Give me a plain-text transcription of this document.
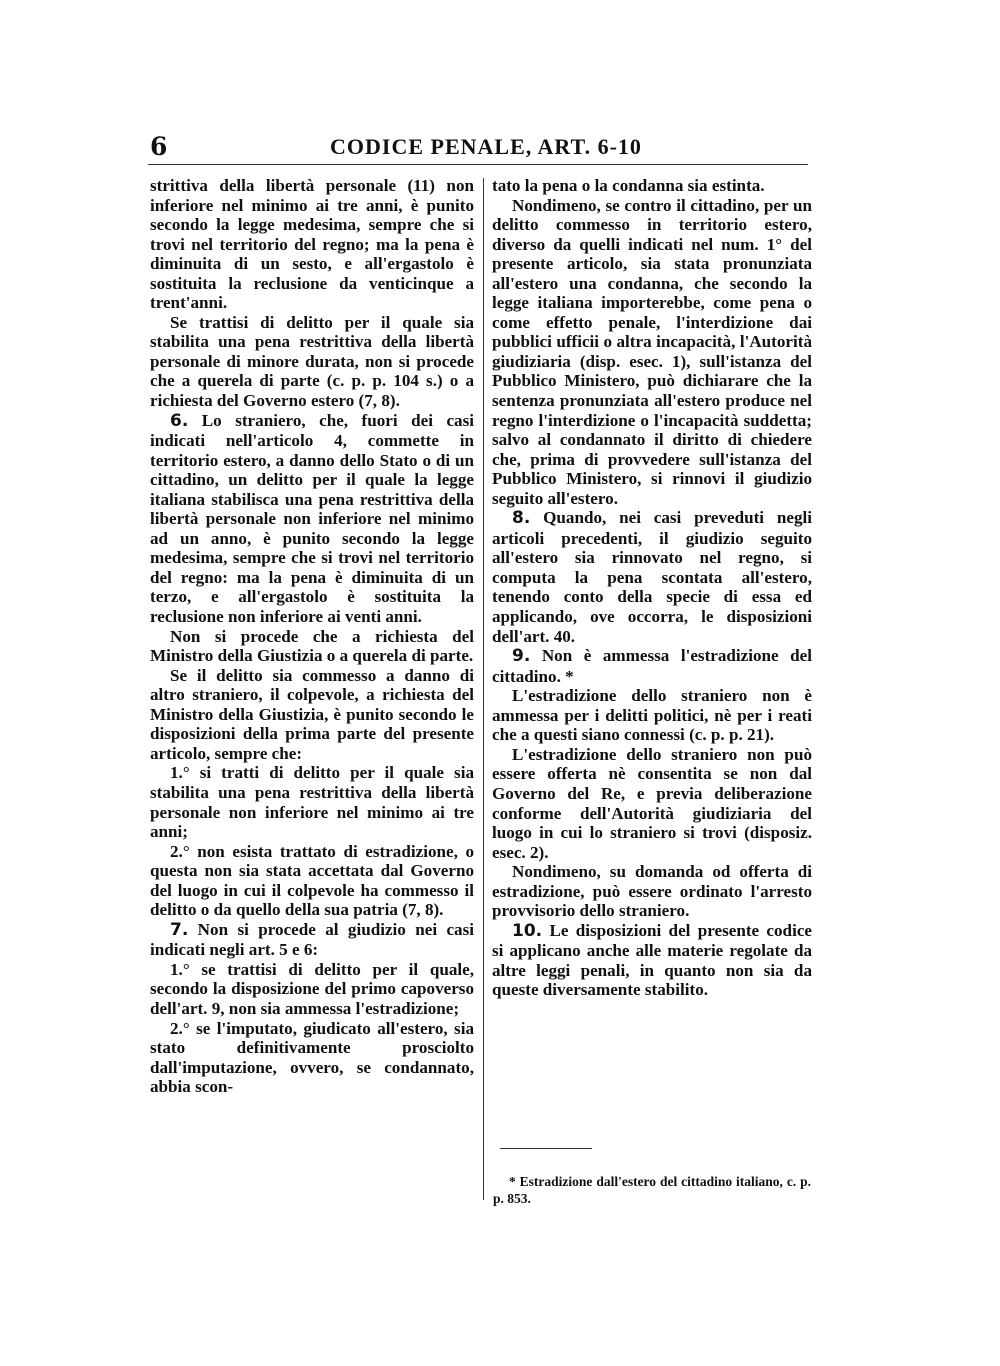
6	CODICE PENALE, ART. 6-10

strittiva della libertà personale (11) non inferiore nel minimo ai tre anni, è punito secondo la legge medesima, sempre che si trovi nel territorio del regno; ma la pena è diminuita di un sesto, e all'ergastolo è sostituita la reclusione da venticinque a trent'anni.

Se trattisi di delitto per il quale sia stabilita una pena restrittiva della libertà personale di minore durata, non si procede che a querela di parte (c. p. p. 104 s.) o a richiesta del Governo estero (7, 8).

6. Lo straniero, che, fuori dei casi indicati nell'articolo 4, commette in territorio estero, a danno dello Stato o di un cittadino, un delitto per il quale la legge italiana stabilisca una pena restrittiva della libertà personale non inferiore nel minimo ad un anno, è punito secondo la legge medesima, sempre che si trovi nel territorio del regno: ma la pena è diminuita di un terzo, e all'ergastolo è sostituita la reclusione non inferiore ai venti anni.

Non si procede che a richiesta del Ministro della Giustizia o a querela di parte.

Se il delitto sia commesso a danno di altro straniero, il colpevole, a richiesta del Ministro della Giustizia, è punito secondo le disposizioni della prima parte del presente articolo, sempre che:

1.° si tratti di delitto per il quale sia stabilita una pena restrittiva della libertà personale non inferiore nel minimo ai tre anni;

2.° non esista trattato di estradizione, o questa non sia stata accettata dal Governo del luogo in cui il colpevole ha commesso il delitto o da quello della sua patria (7, 8).

7. Non si procede al giudizio nei casi indicati negli art. 5 e 6:

1.° se trattisi di delitto per il quale, secondo la disposizione del primo capoverso dell'art. 9, non sia ammessa l'estradizione;

2.° se l'imputato, giudicato all'estero, sia stato definitivamente prosciolto dall'imputazione, ovvero, se condannato, abbia scon-

tato la pena o la condanna sia estinta.

Nondimeno, se contro il cittadino, per un delitto commesso in territorio estero, diverso da quelli indicati nel num. 1° del presente articolo, sia stata pronunziata all'estero una condanna, che secondo la legge italiana importerebbe, come pena o come effetto penale, l'interdizione dai pubblici ufficii o altra incapacità, l'Autorità giudiziaria (disp. esec. 1), sull'istanza del Pubblico Ministero, può dichiarare che la sentenza pronunziata all'estero produce nel regno l'interdizione o l'incapacità suddetta; salvo al condannato il diritto di chiedere che, prima di provvedere sull'istanza del Pubblico Ministero, si rinnovi il giudizio seguito all'estero.

8. Quando, nei casi preveduti negli articoli precedenti, il giudizio seguito all'estero sia rinnovato nel regno, si computa la pena scontata all'estero, tenendo conto della specie di essa ed applicando, ove occorra, le disposizioni dell'art. 40.

9. Non è ammessa l'estradizione del cittadino. *

L'estradizione dello straniero non è ammessa per i delitti politici, nè per i reati che a questi siano connessi (c. p. p. 21).

L'estradizione dello straniero non può essere offerta nè consentita se non dal Governo del Re, e previa deliberazione conforme dell'Autorità giudiziaria del luogo in cui lo straniero si trovi (disposiz. esec. 2).

Nondimeno, su domanda od offerta di estradizione, può essere ordinato l'arresto provvisorio dello straniero.

10. Le disposizioni del presente codice si applicano anche alle materie regolate da altre leggi penali, in quanto non sia da queste diversamente stabilito.

* Estradizione dall'estero del cittadino italiano, c. p. p. 853.
